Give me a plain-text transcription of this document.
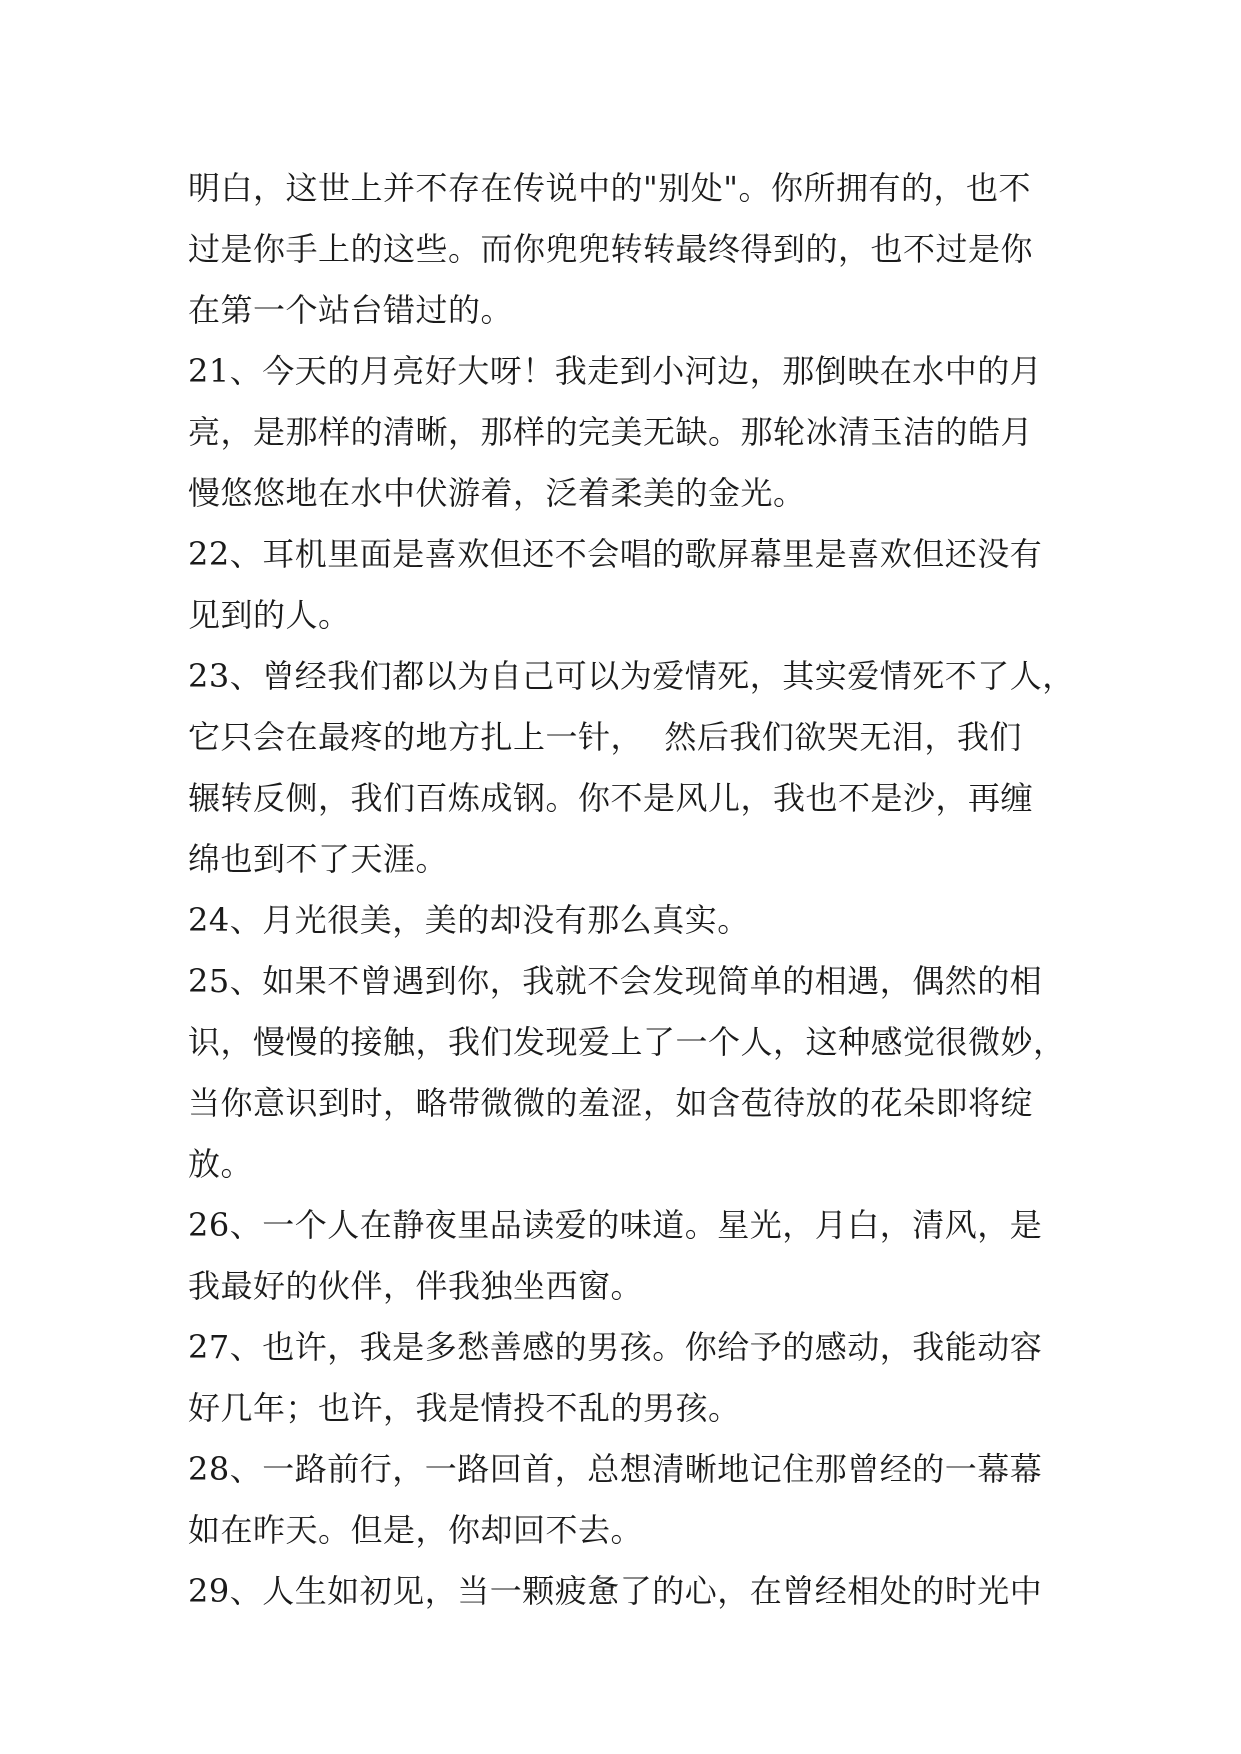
明白，这世上并不存在传说中的"别处"。你所拥有的，也不
过是你手上的这些。而你兜兜转转最终得到的，也不过是你
在第一个站台错过的。
21、今天的月亮好大呀！我走到小河边，那倒映在水中的月
亮，是那样的清晰，那样的完美无缺。那轮冰清玉洁的皓月
慢悠悠地在水中伏游着，泛着柔美的金光。
22、耳机里面是喜欢但还不会唱的歌屏幕里是喜欢但还没有
见到的人。
23、曾经我们都以为自己可以为爱情死，其实爱情死不了人，
它只会在最疼的地方扎上一针，  然后我们欲哭无泪，我们
辗转反侧，我们百炼成钢。你不是风儿，我也不是沙，再缠
绵也到不了天涯。
24、月光很美，美的却没有那么真实。
25、如果不曾遇到你，我就不会发现简单的相遇，偶然的相
识，慢慢的接触，我们发现爱上了一个人，这种感觉很微妙，
当你意识到时，略带微微的羞涩，如含苞待放的花朵即将绽
放。
26、一个人在静夜里品读爱的味道。星光，月白，清风，是
我最好的伙伴，伴我独坐西窗。
27、也许，我是多愁善感的男孩。你给予的感动，我能动容
好几年；也许，我是情投不乱的男孩。
28、一路前行，一路回首，总想清晰地记住那曾经的一幕幕
如在昨天。但是，你却回不去。
29、人生如初见，当一颗疲惫了的心，在曾经相处的时光中
